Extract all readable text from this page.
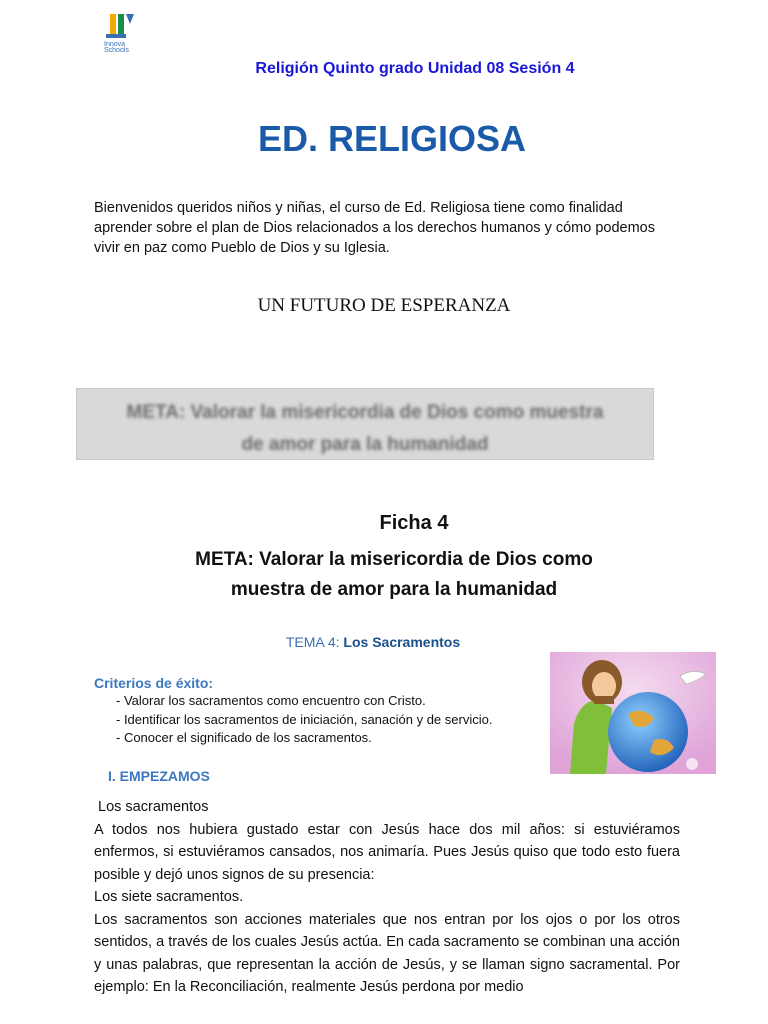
Innova
Schools
Religión Quinto grado Unidad 08 Sesión 4
ED. RELIGIOSA
Bienvenidos queridos niños y niñas, el curso de Ed. Religiosa tiene como finalidad aprender sobre el plan de Dios relacionados a los derechos humanos y cómo podemos vivir en paz como Pueblo de Dios y su Iglesia.
UN FUTURO DE ESPERANZA
META: Valorar la misericordia de Dios como muestra
de amor para la humanidad
Ficha 4
META: Valorar la misericordia de Dios como
muestra de amor para la humanidad
TEMA 4: Los Sacramentos
Criterios de éxito:
- Valorar los sacramentos como encuentro con Cristo.
- Identificar los sacramentos de iniciación, sanación y de servicio.
- Conocer el significado de los sacramentos.
I. EMPEZAMOS

Los sacramentos

A todos nos hubiera gustado estar con Jesús hace dos mil años: si estuviéramos enfermos, si estuviéramos cansados, nos animaría. Pues Jesús quiso que todo esto fuera posible y dejó unos signos de su presencia:

Los siete sacramentos.

Los sacramentos son acciones materiales que nos entran por los ojos o por los otros sentidos, a través de los cuales Jesús actúa. En cada sacramento se combinan una acción y unas palabras, que representan la acción de Jesús, y se llaman signo sacramental. Por ejemplo: En la Reconciliación, realmente Jesús perdona por medio
